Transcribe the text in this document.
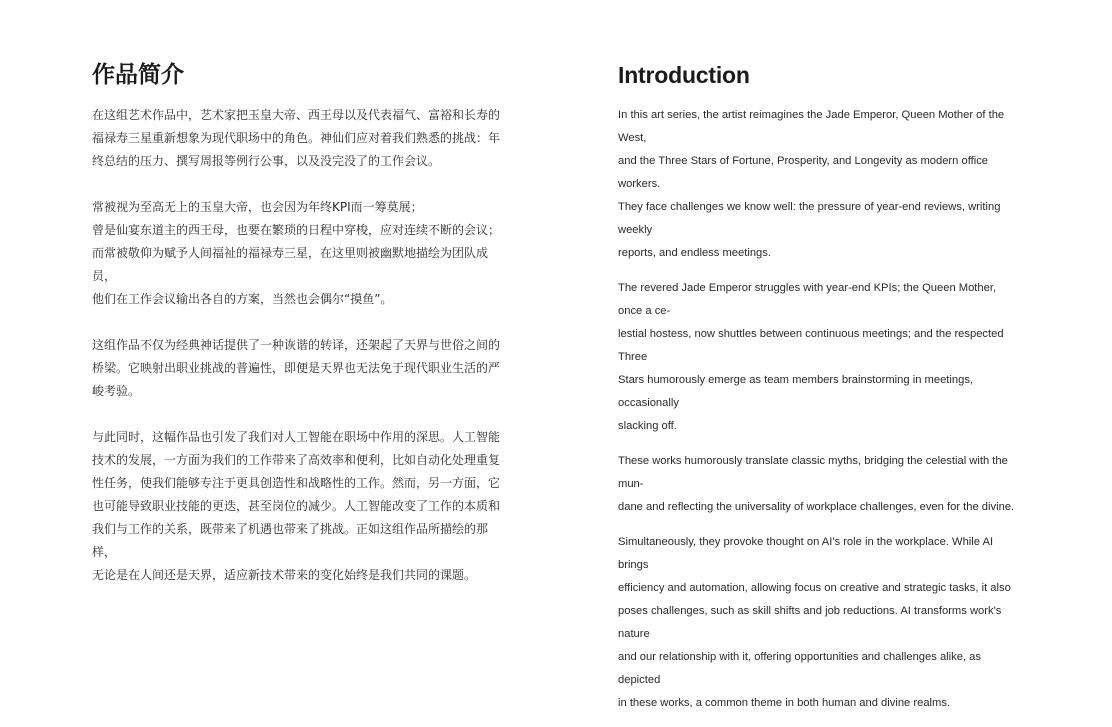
作品简介

在这组艺术作品中，艺术家把玉皇大帝、西王母以及代表福气、富裕和长寿的
福禄寿三星重新想象为现代职场中的角色。神仙们应对着我们熟悉的挑战：年
终总结的压力、撰写周报等例行公事，以及没完没了的工作会议。

常被视为至高无上的玉皇大帝，也会因为年终KPI而一筹莫展；
曾是仙宴东道主的西王母，也要在繁琐的日程中穿梭，应对连续不断的会议；
而常被敬仰为赋予人间福祉的福禄寿三星，在这里则被幽默地描绘为团队成员，
他们在工作会议输出各自的方案，当然也会偶尔“摸鱼”。

这组作品不仅为经典神话提供了一种诙谐的转译，还架起了天界与世俗之间的
桥梁。它映射出职业挑战的普遍性，即便是天界也无法免于现代职业生活的严
峻考验。

与此同时，这幅作品也引发了我们对人工智能在职场中作用的深思。人工智能
技术的发展，一方面为我们的工作带来了高效率和便利，比如自动化处理重复
性任务，使我们能够专注于更具创造性和战略性的工作。然而，另一方面，它
也可能导致职业技能的更迭，甚至岗位的减少。人工智能改变了工作的本质和
我们与工作的关系，既带来了机遇也带来了挑战。正如这组作品所描绘的那样，
无论是在人间还是天界，适应新技术带来的变化始终是我们共同的课题。

Introduction

In this art series, the artist reimagines the Jade Emperor, Queen Mother of the West,
and the Three Stars of Fortune, Prosperity, and Longevity as modern office workers.
They face challenges we know well: the pressure of year-end reviews, writing weekly
reports, and endless meetings.

The revered Jade Emperor struggles with year-end KPIs; the Queen Mother, once a ce-
lestial hostess, now shuttles between continuous meetings; and the respected Three
Stars humorously emerge as team members brainstorming in meetings, occasionally
slacking off.

These works humorously translate classic myths, bridging the celestial with the mun-
dane and reflecting the universality of workplace challenges, even for the divine.

Simultaneously, they provoke thought on AI's role in the workplace. While AI brings
efficiency and automation, allowing focus on creative and strategic tasks, it also
poses challenges, such as skill shifts and job reductions. AI transforms work's nature
and our relationship with it, offering opportunities and challenges alike, as depicted
in these works, a common theme in both human and divine realms.
